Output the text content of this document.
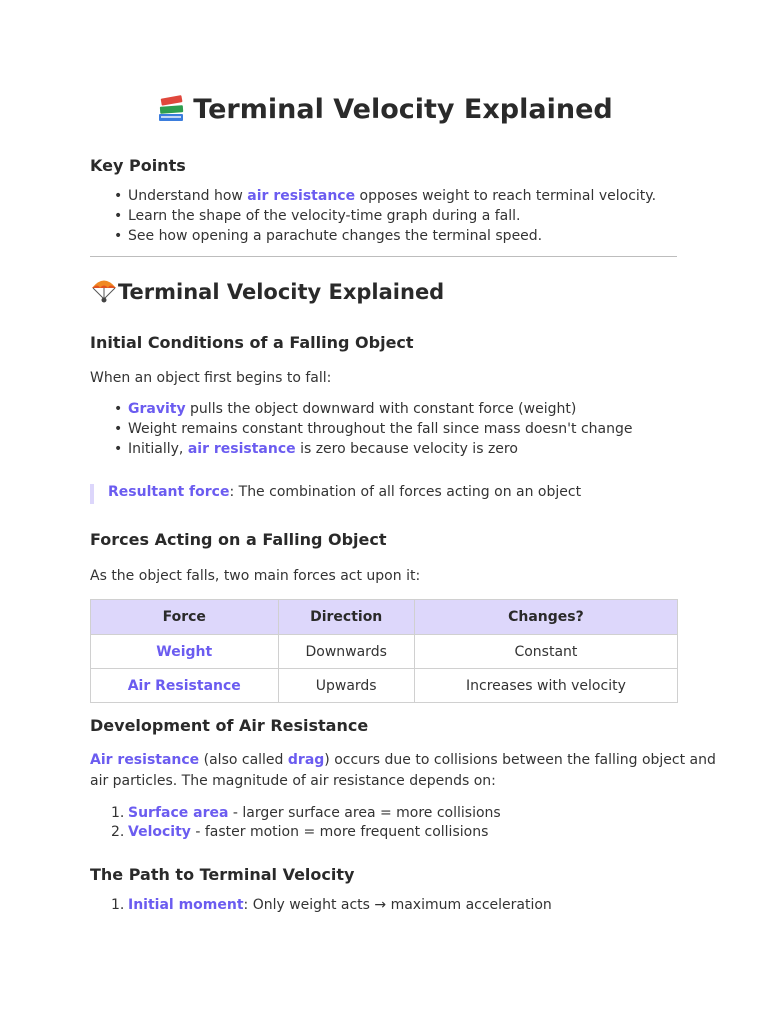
Terminal Velocity Explained
Key Points
• Understand how air resistance opposes weight to reach terminal velocity.
• Learn the shape of the velocity-time graph during a fall.
• See how opening a parachute changes the terminal speed.
Terminal Velocity Explained
Initial Conditions of a Falling Object

When an object first begins to fall:

• Gravity pulls the object downward with constant force (weight)
• Weight remains constant throughout the fall since mass doesn't change
• Initially, air resistance is zero because velocity is zero
Resultant force: The combination of all forces acting on an object
Forces Acting on a Falling Object

As the object falls, two main forces act upon it:

Force	Direction	Changes?
Weight	Downwards	Constant
Air Resistance	Upwards	Increases with velocity
Development of Air Resistance

Air resistance (also called drag) occurs due to collisions between the falling object and

air particles. The magnitude of air resistance depends on:

1. Surface area - larger surface area = more collisions
2. Velocity - faster motion = more frequent collisions
The Path to Terminal Velocity
1. Initial moment: Only weight acts → maximum acceleration
